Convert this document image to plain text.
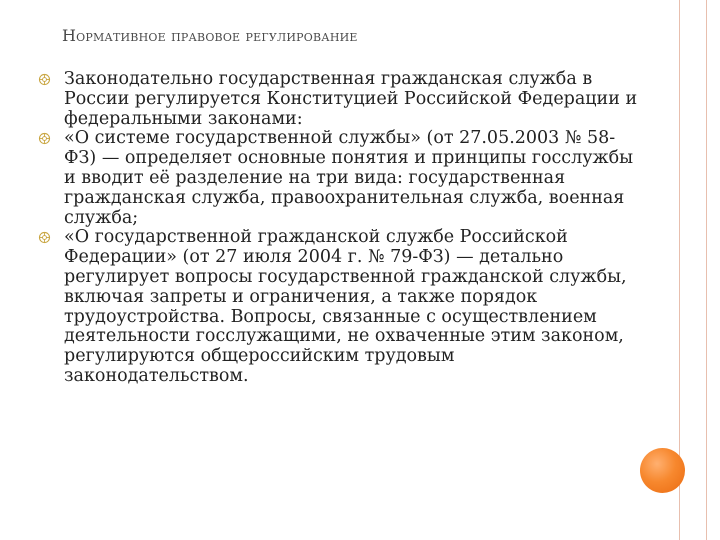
Нормативное правовое регулирование
Законодательно государственная гражданская служба в России регулируется Конституцией Российской Федерации и федеральными законами:
«О системе государственной службы» (от 27.05.2003 № 58-ФЗ) — определяет основные понятия и принципы госслужбы и вводит её разделение на три вида: государственная гражданская служба, правоохранительная служба, военная служба;
«О государственной гражданской службе Российской Федерации» (от 27 июля 2004 г. № 79-ФЗ) — детально регулирует вопросы государственной гражданской службы, включая запреты и ограничения, а также порядок трудоустройства. Вопросы, связанные с осуществлением деятельности госслужащими, не охваченные этим законом, регулируются общероссийским трудовым законодательством.
